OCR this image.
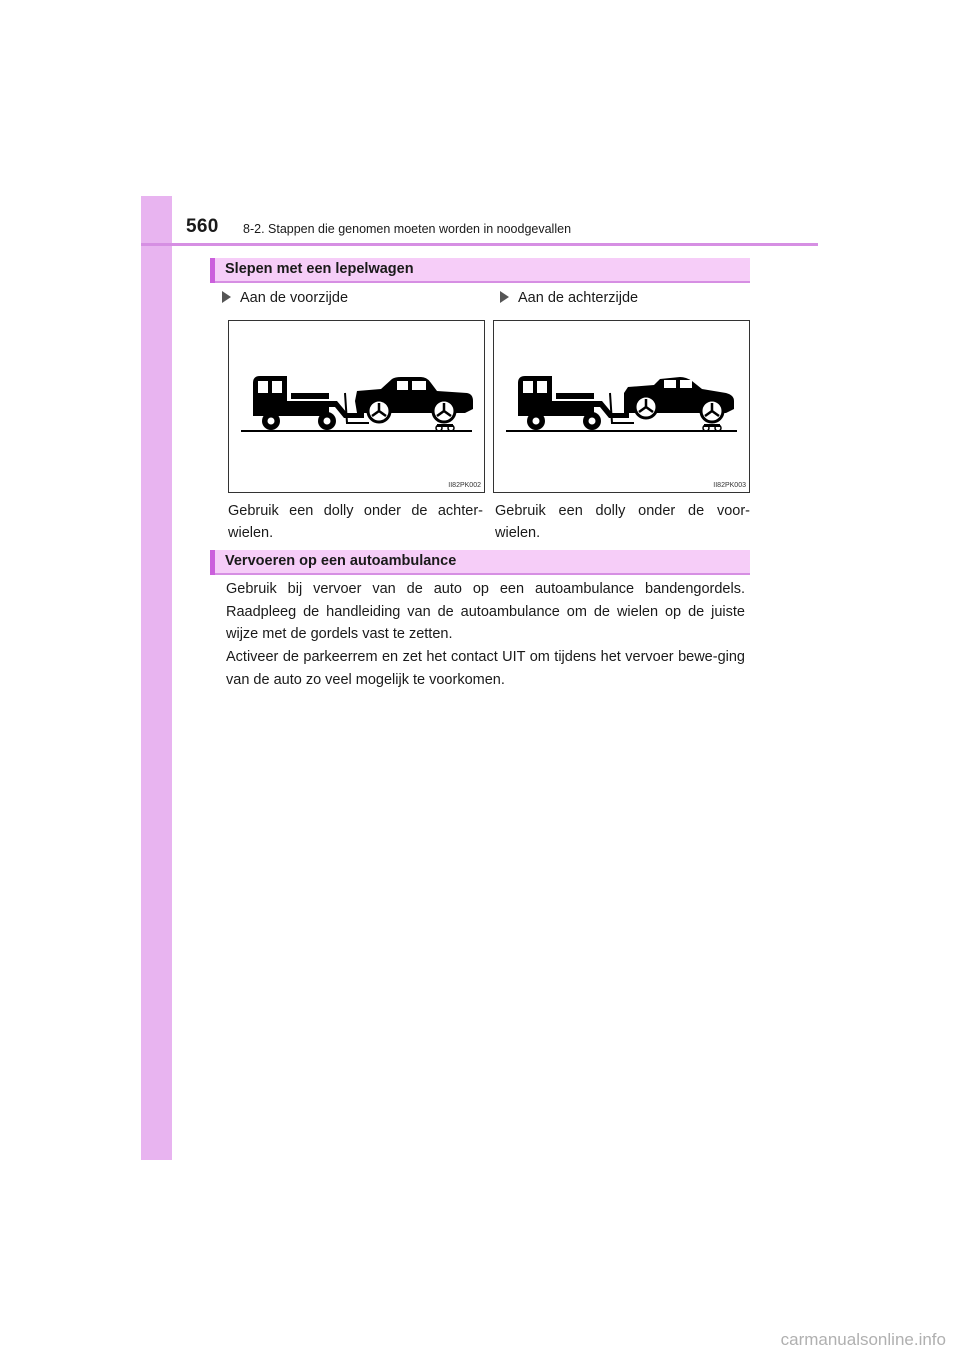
560 8-2. Stappen die genomen moeten worden in noodgevallen
Slepen met een lepelwagen
Aan de voorzijde	Aan de achterzijde
II82PK002	II82PK003
Gebruik een dolly onder de achter-wielen.
Gebruik een dolly onder de voor-wielen.
Vervoeren op een autoambulance
Gebruik bij vervoer van de auto op een autoambulance bandengordels. Raadpleeg de handleiding van de autoambulance om de wielen op de juiste wijze met de gordels vast te zetten.
Activeer de parkeerrem en zet het contact UIT om tijdens het vervoer bewe-ging van de auto zo veel mogelijk te voorkomen.
carmanualsonline.info
